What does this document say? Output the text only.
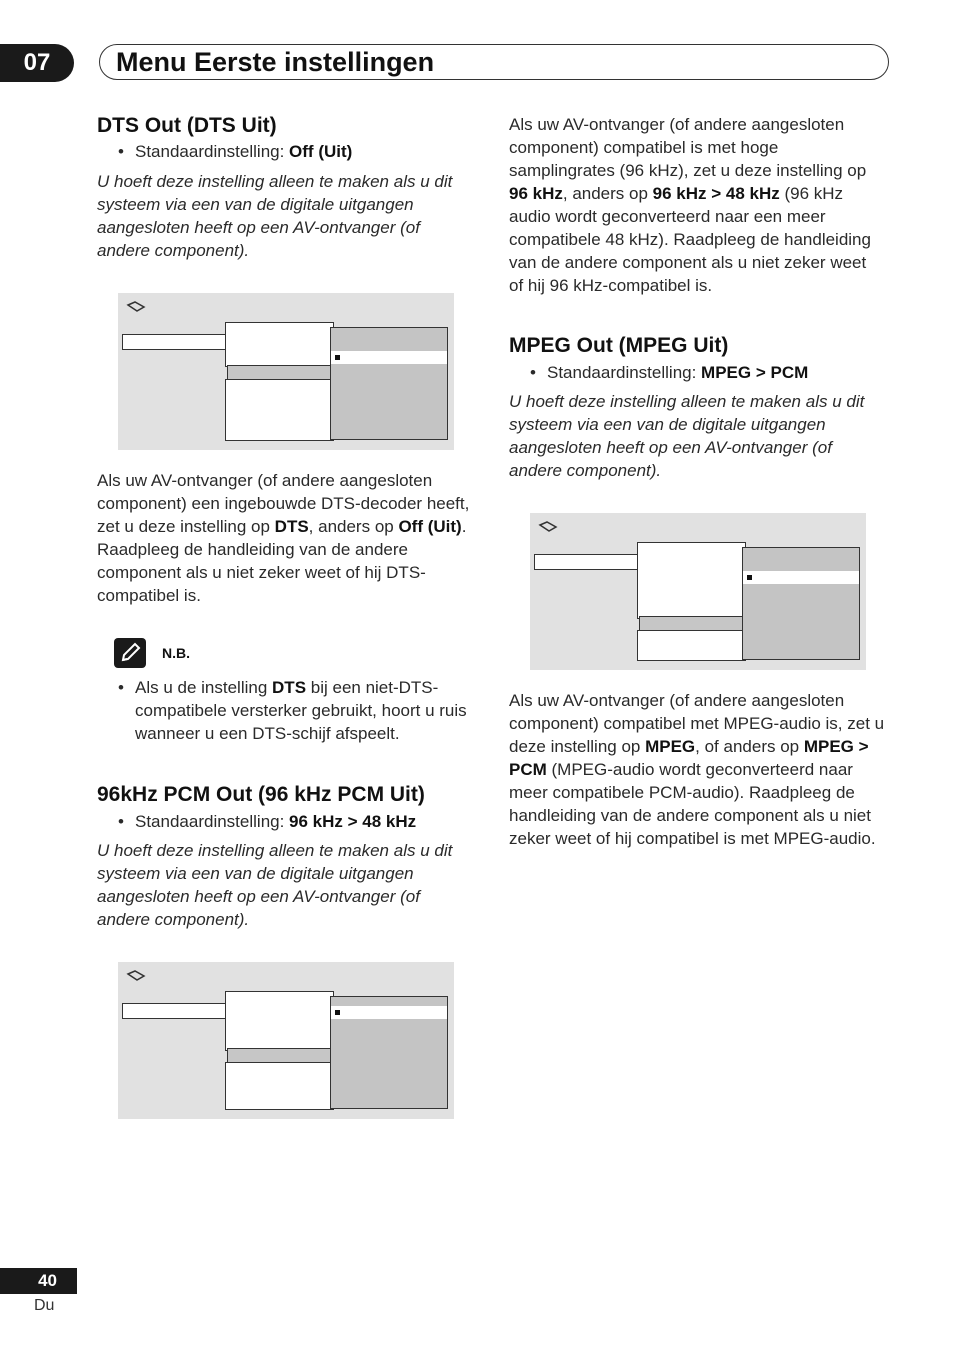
07	Menu Eerste instellingen
DTS Out (DTS Uit)
• Standaardinstelling: Off (Uit)
U hoeft deze instelling alleen te maken als u dit systeem via een van de digitale uitgangen aangesloten heeft op een AV-ontvanger (of andere component).
Als uw AV-ontvanger (of andere aangesloten component) een ingebouwde DTS-decoder heeft, zet u deze instelling op DTS, anders op Off (Uit). Raadpleeg de handleiding van de andere component als u niet zeker weet of hij DTS-compatibel is.
N.B.
• Als u de instelling DTS bij een niet-DTS-compatibele versterker gebruikt, hoort u ruis wanneer u een DTS-schijf afspeelt.
96kHz PCM Out (96 kHz PCM Uit)
• Standaardinstelling: 96 kHz > 48 kHz
U hoeft deze instelling alleen te maken als u dit systeem via een van de digitale uitgangen aangesloten heeft op een AV-ontvanger (of andere component).
Als uw AV-ontvanger (of andere aangesloten component) compatibel is met hoge samplingrates (96 kHz), zet u deze instelling op 96 kHz, anders op 96 kHz > 48 kHz (96 kHz audio wordt geconverteerd naar een meer compatibele 48 kHz). Raadpleeg de handleiding van de andere component als u niet zeker weet of hij 96 kHz-compatibel is.
MPEG Out (MPEG Uit)
• Standaardinstelling: MPEG > PCM
U hoeft deze instelling alleen te maken als u dit systeem via een van de digitale uitgangen aangesloten heeft op een AV-ontvanger (of andere component).
Als uw AV-ontvanger (of andere aangesloten component) compatibel met MPEG-audio is, zet u deze instelling op MPEG, of anders op MPEG > PCM (MPEG-audio wordt geconverteerd naar meer compatibele PCM-audio). Raadpleeg de handleiding van de andere component als u niet zeker weet of hij compatibel is met MPEG-audio.
40
Du
